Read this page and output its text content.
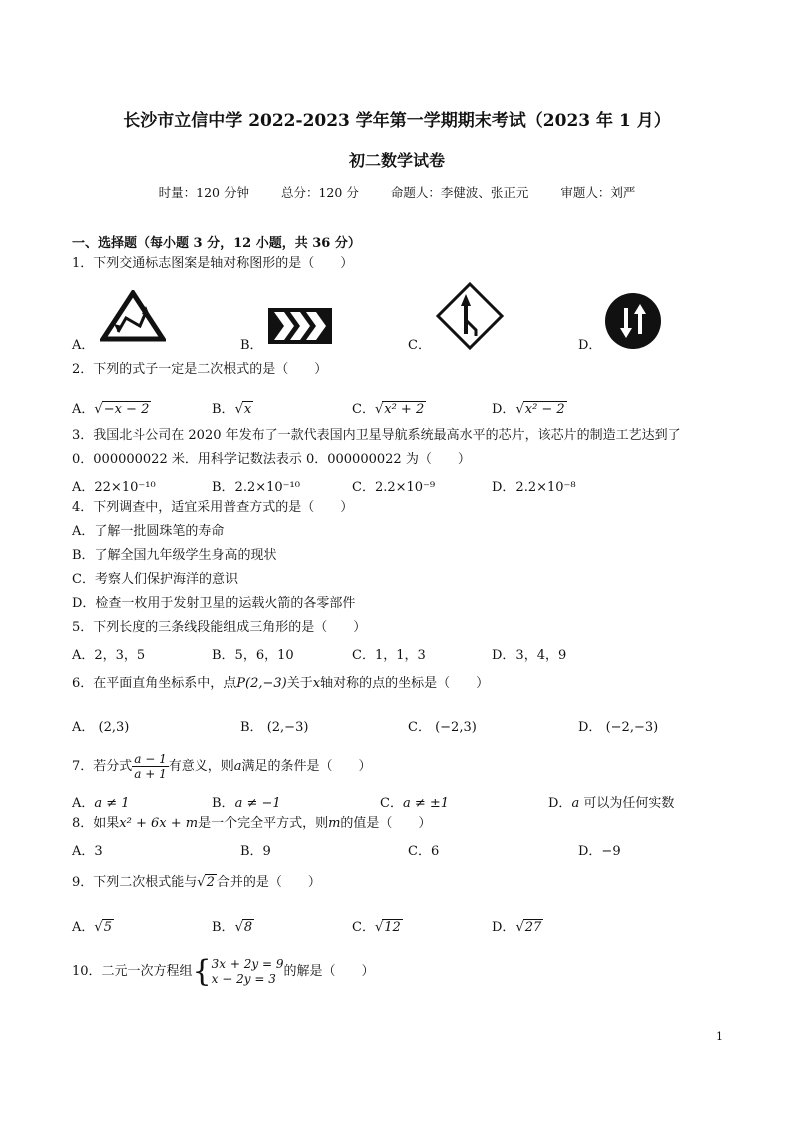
长沙市立信中学 2022-2023 学年第一学期期末考试（2023 年 1 月）
初二数学试卷
时量：120 分钟	总分：120 分	命题人：李健波、张正元	审题人：刘严
一、选择题（每小题 3 分，12 小题，共 36 分）
1．下列交通标志图案是轴对称图形的是（　　）
A．	B．	C．	D．
2．下列的式子一定是二次根式的是（　　）
A．√−x − 2	B．√x	C．√x² + 2	D．√x² − 2
3．我国北斗公司在 2020 年发布了一款代表国内卫星导航系统最高水平的芯片，该芯片的制造工艺达到了
0．000000022 米．用科学记数法表示 0．000000022 为（　　）
A．22×10⁻¹⁰	B．2.2×10⁻¹⁰	C．2.2×10⁻⁹	D．2.2×10⁻⁸
4．下列调查中，适宜采用普查方式的是（　　）
A．了解一批圆珠笔的寿命
B．了解全国九年级学生身高的现状
C．考察人们保护海洋的意识
D．检查一枚用于发射卫星的运载火箭的各零部件
5．下列长度的三条线段能组成三角形的是（　　）
A．2，3，5	B．5，6，10	C．1，1，3	D．3，4，9
6．在平面直角坐标系中，点P(2,−3)关于x轴对称的点的坐标是（　　）
A． (2,3)	B． (2,−3)	C． (−2,3)	D． (−2,−3)
7．若分式 $\frac{a - 1}{a + 1}$ 有意义，则a满足的条件是（　　）
A．a ≠ 1	B．a ≠ −1	C．a ≠ ±1	D．a 可以为任何实数
8．如果x² + 6x + m是一个完全平方式，则m的值是（　　）
A．3	B．9	C．6	D．−9
9．下列二次根式能与√2 合并的是（　　）
A．√5	B．√8	C．√12	D．√27
10．二元一次方程组{ 3x + 2y = 9
x − 2y = 3 的解是（　　）
1
